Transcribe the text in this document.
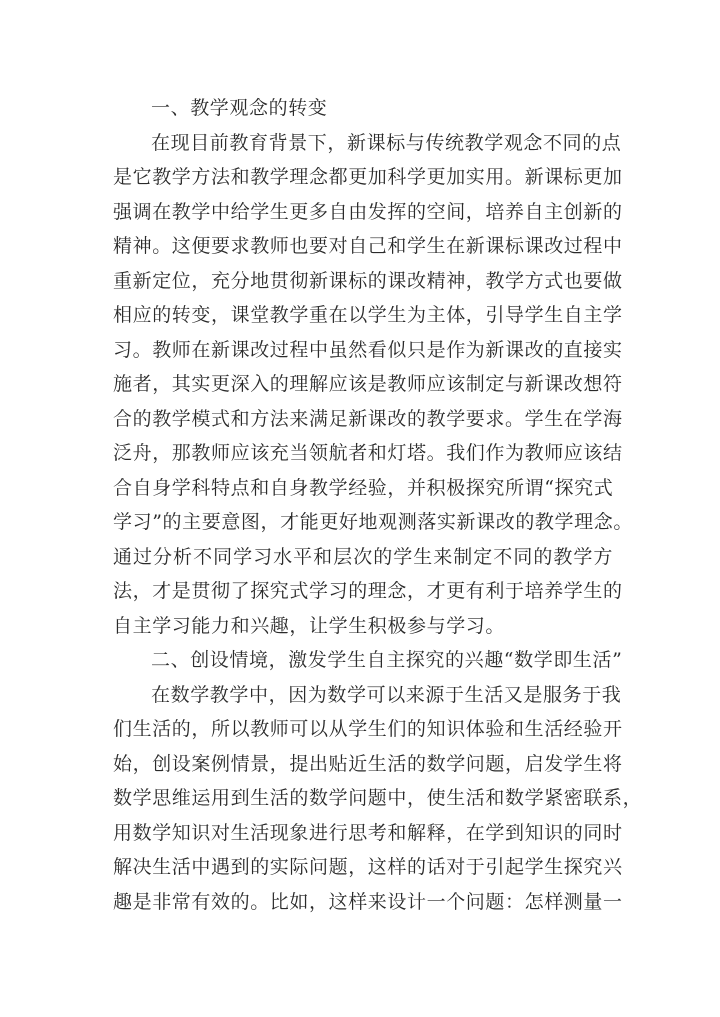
一、教学观念的转变
在现目前教育背景下，新课标与传统教学观念不同的点
是它教学方法和教学理念都更加科学更加实用。新课标更加
强调在教学中给学生更多自由发挥的空间，培养自主创新的
精神。这便要求教师也要对自己和学生在新课标课改过程中
重新定位，充分地贯彻新课标的课改精神，教学方式也要做
相应的转变，课堂教学重在以学生为主体，引导学生自主学
习。教师在新课改过程中虽然看似只是作为新课改的直接实
施者，其实更深入的理解应该是教师应该制定与新课改想符
合的教学模式和方法来满足新课改的教学要求。学生在学海
泛舟，那教师应该充当领航者和灯塔。我们作为教师应该结
合自身学科特点和自身教学经验，并积极探究所谓“探究式
学习”的主要意图，才能更好地观测落实新课改的教学理念。
通过分析不同学习水平和层次的学生来制定不同的教学方
法，才是贯彻了探究式学习的理念，才更有利于培养学生的
自主学习能力和兴趣，让学生积极参与学习。
二、创设情境，激发学生自主探究的兴趣“数学即生活”
在数学教学中，因为数学可以来源于生活又是服务于我
们生活的，所以教师可以从学生们的知识体验和生活经验开
始，创设案例情景，提出贴近生活的数学问题，启发学生将
数学思维运用到生活的数学问题中，使生活和数学紧密联系，
用数学知识对生活现象进行思考和解释，在学到知识的同时
解决生活中遇到的实际问题，这样的话对于引起学生探究兴
趣是非常有效的。比如，这样来设计一个问题：怎样测量一
